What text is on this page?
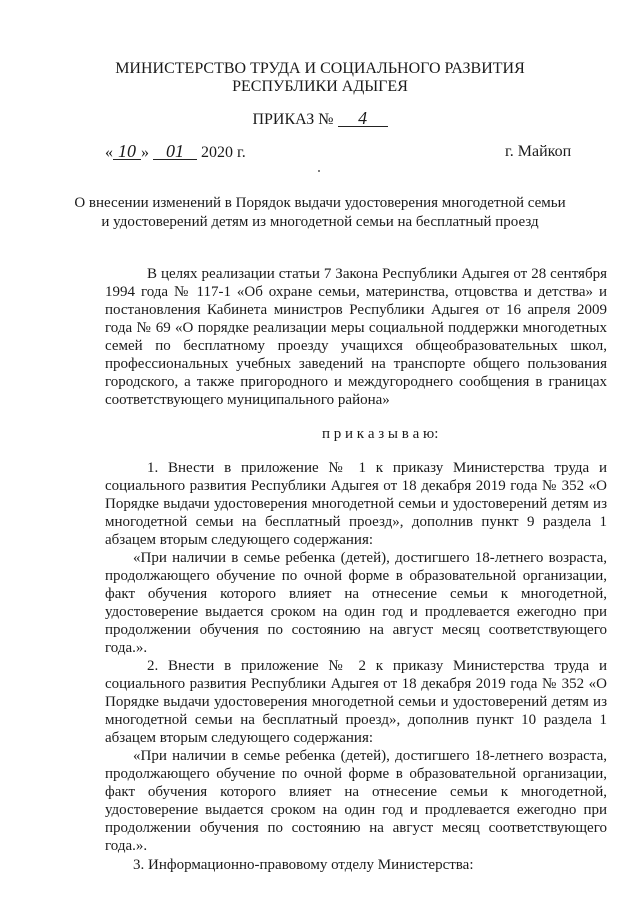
МИНИСТЕРСТВО ТРУДА И СОЦИАЛЬНОГО РАЗВИТИЯ
РЕСПУБЛИКИ АДЫГЕЯ
ПРИКАЗ № 4
« 10 » 01 2020 г.	г. Майкоп
О внесении изменений в Порядок выдачи удостоверения многодетной семьи
и удостоверений детям из многодетной семьи на бесплатный проезд
В целях реализации статьи 7 Закона Республики Адыгея от 28 сентября
1994 года № 117-1 «Об охране семьи, материнства, отцовства и детства» и
постановления Кабинета министров Республики Адыгея от 16 апреля 2009
года № 69 «О порядке реализации меры социальной поддержки многодетных
семей по бесплатному проезду учащихся общеобразовательных школ,
профессиональных учебных заведений на транспорте общего пользования
городского, а также пригородного и междугороднего сообщения в границах
соответствующего муниципального района»
п р и к а з ы в а ю:
1. Внести в приложение № 1 к приказу Министерства труда и
социального развития Республики Адыгея от 18 декабря 2019 года № 352 «О
Порядке выдачи удостоверения многодетной семьи и удостоверений детям из
многодетной семьи на бесплатный проезд», дополнив пункт 9 раздела 1
абзацем вторым следующего содержания:
«При наличии в семье ребенка (детей), достигшего 18-летнего возраста,
продолжающего обучение по очной форме в образовательной организации,
факт обучения которого влияет на отнесение семьи к многодетной,
удостоверение выдается сроком на один год и продлевается ежегодно при
продолжении обучения по состоянию на август месяц соответствующего
года.».
2. Внести в приложение № 2 к приказу Министерства труда и
социального развития Республики Адыгея от 18 декабря 2019 года № 352 «О
Порядке выдачи удостоверения многодетной семьи и удостоверений детям из
многодетной семьи на бесплатный проезд», дополнив пункт 10 раздела 1
абзацем вторым следующего содержания:
«При наличии в семье ребенка (детей), достигшего 18-летнего возраста,
продолжающего обучение по очной форме в образовательной организации,
факт обучения которого влияет на отнесение семьи к многодетной,
удостоверение выдается сроком на один год и продлевается ежегодно при
продолжении обучения по состоянию на август месяц соответствующего
года.».
3. Информационно-правовому отделу Министерства:
